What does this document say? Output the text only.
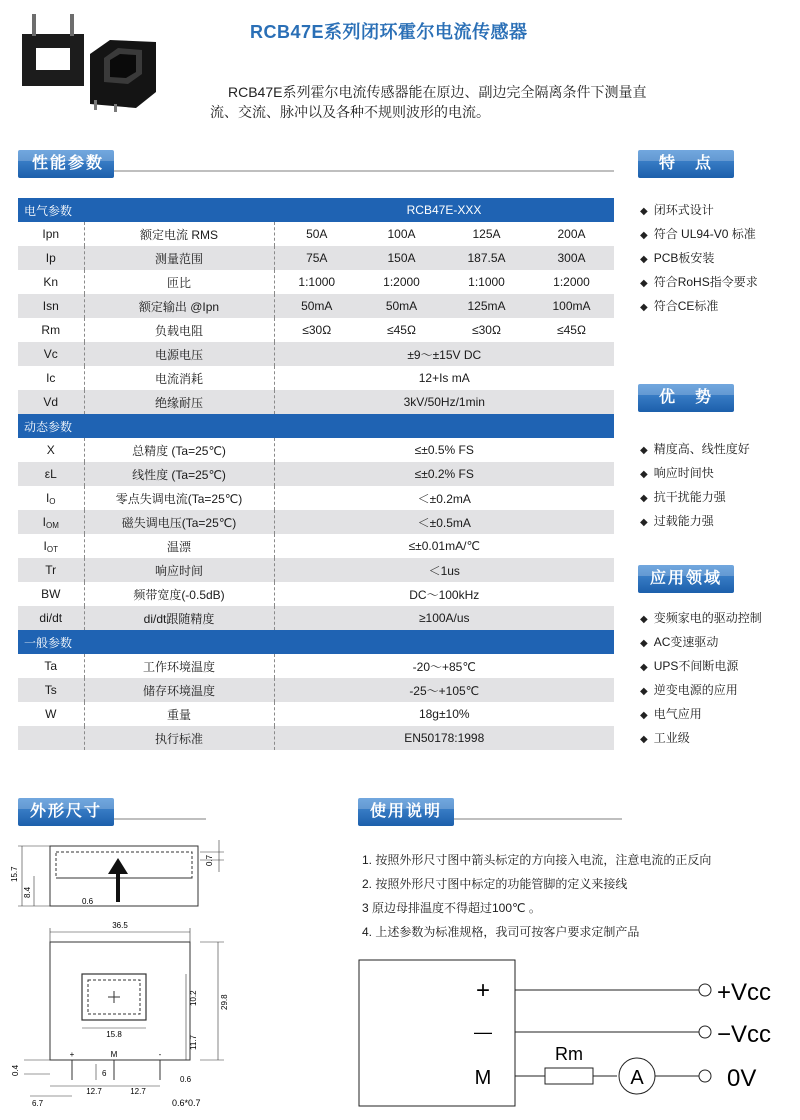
RCB47E系列闭环霍尔电流传感器

RCB47E系列霍尔电流传感器能在原边、副边完全隔离条件下测量直流、交流、脉冲以及各种不规则波形的电流。

性能参数	特　点
优　势
应用领域
外形尺寸	使用说明
电气参数		RCB47E-XXX			
Ipn	额定电流 RMS	50A	100A	125A	200A
Ip	测量范围	75A	150A	187.5A	300A
Kn	匝比	1:1000	1:2000	1:1000	1:2000
Isn	额定输出 @Ipn	50mA	50mA	125mA	100mA
Rm	负载电阻	≤30Ω	≤45Ω	≤30Ω	≤45Ω
Vc	电源电压	±9～±15V DC			
Ic	电流消耗	12+Is mA			
Vd	绝缘耐压	3kV/50Hz/1min			
动态参数					
X	总精度 (Ta=25℃)	≤±0.5% FS			
εL	线性度 (Ta=25℃)	≤±0.2% FS			
$I_O$	零点失调电流(Ta=25℃)	＜±0.2mA			
$I_{OM}$	磁失调电压(Ta=25℃)	＜±0.5mA			
$I_{OT}$	温漂	≤±0.01mA/℃			
Tr	响应时间	＜1us			
BW	频带宽度(-0.5dB)	DC～100kHz			
di/dt	di/dt跟随精度	≥100A/us			
一般参数					
Ta	工作环境温度	-20～+85℃			
Ts	储存环境温度	-25～+105℃			
W	重量	18g±10%			
	执行标准	EN50178:1998			
◆ 闭环式设计
◆ 符合 UL94-V0 标准
◆ PCB板安装
◆ 符合RoHS指令要求
◆ 符合CE标准
◆ 精度高、线性度好
◆ 响应时间快
◆ 抗干扰能力强
◆ 过载能力强
◆ 变频家电的驱动控制
◆ AC变速驱动
◆ UPS不间断电源
◆ 逆变电源的应用
◆ 电气应用
◆ 工业级
1. 按照外形尺寸图中箭头标定的方向接入电流，注意电流的正反向
2. 按照外形尺寸图中标定的功能管脚的定义来接线
3 原边母排温度不得超过100℃ 。
4. 上述参数为标准规格，我司可按客户要求定制产品
15.7
8.4
0.7
0.6
36.5
29.8
10.2
11.7
15.8
6
12.7	12.7
6.7
0.4
0.6
0.6*0.7
+	M	-
+
—
M
Rm
A
+Vcc
−Vcc
0V
